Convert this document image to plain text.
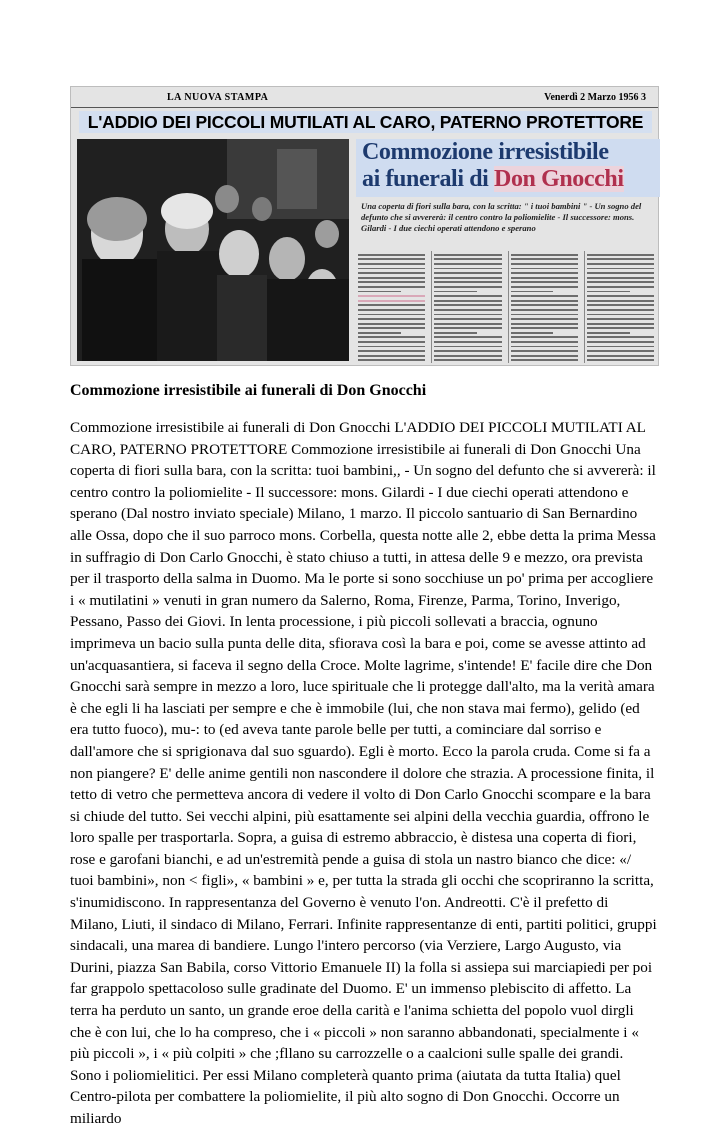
LA NUOVA STAMPA	Venerdì 2 Marzo 1956 3
L'ADDIO DEI PICCOLI MUTILATI AL CARO, PATERNO PROTETTORE
Commozione irresistibile
ai funerali di Don Gnocchi
Una coperta di fiori sulla bara, con la scritta: " i tuoi bambini " - Un sogno del defunto che si avvererà: il centro contro la poliomielite - Il successore: mons. Gilardi - I due ciechi operati attendono e sperano
Commozione irresistibile ai funerali di Don Gnocchi

Commozione irresistibile ai funerali di Don Gnocchi L'ADDIO DEI PICCOLI MUTILATI AL CARO, PATERNO PROTETTORE Commozione irresistibile ai funerali di Don Gnocchi Una coperta di fiori sulla bara, con la scritta: tuoi bambini,, - Un sogno del defunto che si avvererà: il centro contro la poliomielite - Il successore: mons. Gilardi - I due ciechi operati attendono e sperano (Dal nostro inviato speciale) Milano, 1 marzo. Il piccolo santuario di San Bernardino alle Ossa, dopo che il suo parroco mons. Corbella, questa notte alle 2, ebbe detta la prima Messa in suffragio di Don Carlo Gnocchi, è stato chiuso a tutti, in attesa delle 9 e mezzo, ora prevista per il trasporto della salma in Duomo. Ma le porte si sono socchiuse un po' prima per accogliere i « mutilatini » venuti in gran numero da Salerno, Roma, Firenze, Parma, Torino, Inverigo, Pessano, Passo dei Giovi. In lenta processione, i più piccoli sollevati a braccia, ognuno imprimeva un bacio sulla punta delle dita, sfiorava così la bara e poi, come se avesse attinto ad un'acquasantiera, si faceva il segno della Croce. Molte lagrime, s'intende! E' facile dire che Don Gnocchi sarà sempre in mezzo a loro, luce spirituale che li protegge dall'alto, ma la verità amara è che egli li ha lasciati per sempre e che è immobile (lui, che non stava mai fermo), gelido (ed era tutto fuoco), mu-: to (ed aveva tante parole belle per tutti, a cominciare dal sorriso e dall'amore che si sprigionava dal suo sguardo). Egli è morto. Ecco la parola cruda. Come si fa a non piangere? E' delle anime gentili non nascondere il dolore che strazia. A processione finita, il tetto di vetro che permetteva ancora di vedere il volto di Don Carlo Gnocchi scompare e la bara si chiude del tutto. Sei vecchi alpini, più esattamente sei alpini della vecchia guardia, offrono le loro spalle per trasportarla. Sopra, a guisa di estremo abbraccio, è distesa una coperta di fiori, rose e garofani bianchi, e ad un'estremità pende a guisa di stola un nastro bianco che dice: «/ tuoi bambini», non < figli», « bambini » e, per tutta la strada gli occhi che scopriranno la scritta, s'inumidiscono. In rappresentanza del Governo è venuto l'on. Andreotti. C'è il prefetto di Milano, Liuti, il sindaco di Milano, Ferrari. Infinite rappresentanze di enti, partiti politici, gruppi sindacali, una marea di bandiere. Lungo l'intero percorso (via Verziere, Largo Augusto, via Durini, piazza San Babila, corso Vittorio Emanuele II) la folla si assiepa sui marciapiedi per poi far grappolo spettacoloso sulle gradinate del Duomo. E' un immenso plebiscito di affetto. La terra ha perduto un santo, un grande eroe della carità e l'anima schietta del popolo vuol dirgli che è con lui, che lo ha compreso, che i « piccoli » non saranno abbandonati, specialmente i « più piccoli », i « più colpiti » che ;fllano su carrozzelle o a caalcioni sulle spalle dei grandi. Sono i poliomielitici. Per essi Milano completerà quanto prima (aiutata da tutta Italia) quel Centro-pilota per combattere la poliomielite, il più alto sogno di Don Gnocchi. Occorre un miliardo
